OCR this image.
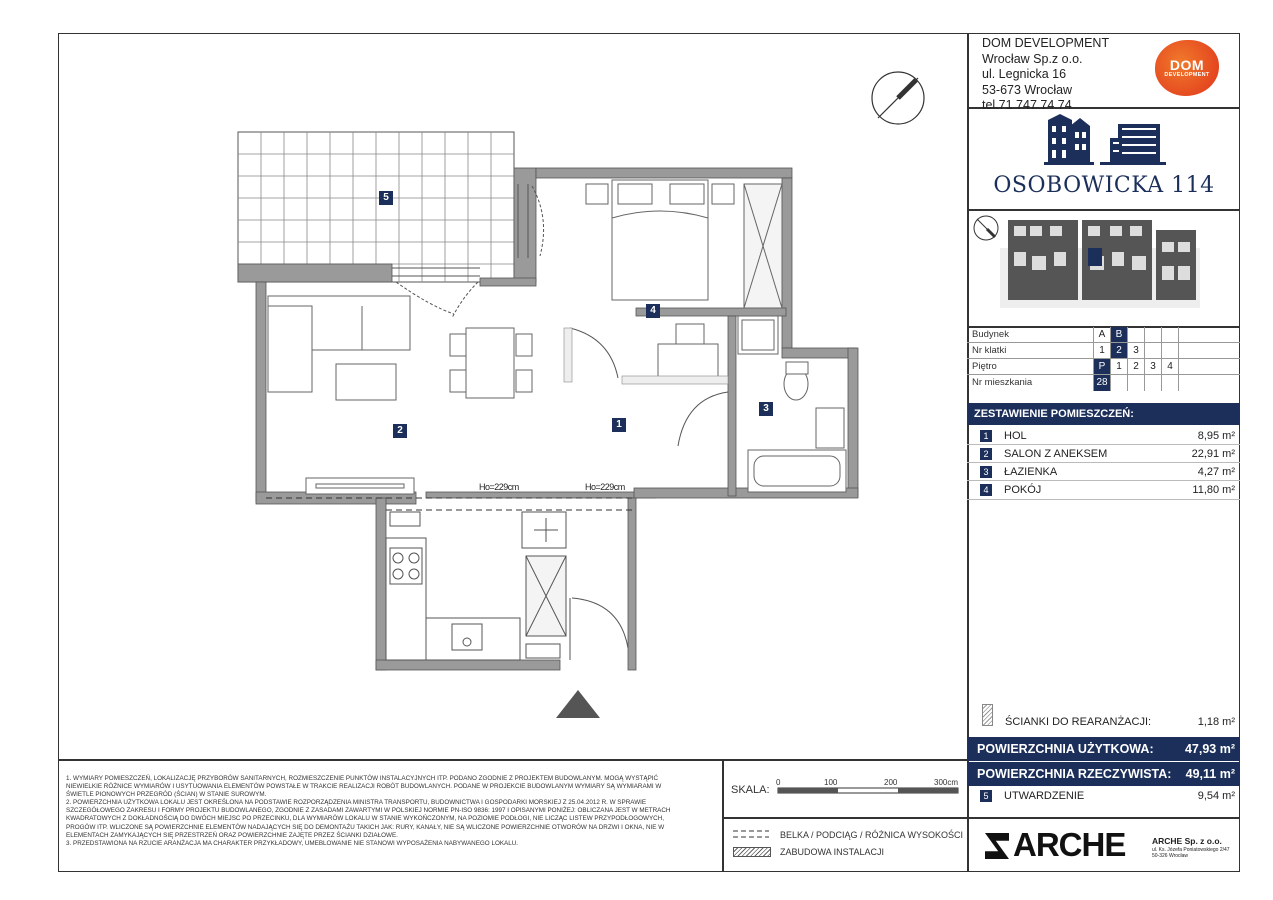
DOM DEVELOPMENT
Wrocław Sp.z o.o.
ul. Legnicka 16
53-673 Wrocław
tel.71 747 74 74
DOM
DEVELOPMENT
OSOBOWICKA 114
Budynek	A	B
Nr klatki	1	2	3
Piętro	P	1	2	3	4
Nr mieszkania	28
ZESTAWIENIE POMIESZCZEŃ:
1	HOL	8,95 m²
2	SALON Z ANEKSEM	22,91 m²
3	ŁAZIENKA	4,27 m²
4	POKÓJ	11,80 m²
ŚCIANKI DO REARANŻACJI:	1,18 m²
POWIERZCHNIA UŻYTKOWA:	47,93 m²
POWIERZCHNIA RZECZYWISTA: 49,11 m²
5	UTWARDZENIE	9,54 m²
1. WYMIARY POMIESZCZEŃ, LOKALIZACJĘ PRZYBORÓW SANITARNYCH, ROZMIESZCZENIE PUNKTÓW INSTALACYJNYCH ITP. PODANO ZGODNIE Z PROJEKTEM BUDOWLANYM. MOGĄ WYSTĄPIĆ NIEWIELKIE RÓŻNICE WYMIARÓW I USYTUOWANIA ELEMENTÓW POWSTAŁE W TRAKCIE REALIZACJI ROBÓT BUDOWLANYCH. PODANE W PROJEKCIE BUDOWLANYM WYMIARY SĄ WYMIARAMI W ŚWIETLE PIONOWYCH PRZEGRÓD (ŚCIAN) W STANIE SUROWYM.
2. POWIERZCHNIA UŻYTKOWA LOKALU JEST OKREŚLONA NA PODSTAWIE ROZPORZĄDZENIA MINISTRA TRANSPORTU, BUDOWNICTWA I GOSPODARKI MORSKIEJ Z 25.04.2012 R. W SPRAWIE SZCZEGÓŁOWEGO ZAKRESU I FORMY PROJEKTU BUDOWLANEGO, ZGODNIE Z ZASADAMI ZAWARTYMI W POLSKIEJ NORMIE PN-ISO 9836: 1997 I OPISANYMI PONIŻEJ: OBLICZANA JEST W METRACH KWADRATOWYCH Z DOKŁADNOŚCIĄ DO DWÓCH MIEJSC PO PRZECINKU, DLA WYMIARÓW LOKALU W STANIE WYKOŃCZONYM, NA POZIOMIE PODŁOGI, NIE LICZĄC LISTEW PRZYPODŁOGOWYCH, PROGÓW ITP. WLICZONE SĄ POWIERZCHNIE ELEMENTÓW NADAJĄCYCH SIĘ DO DEMONTAŻU TAKICH JAK: RURY, KANAŁY, NIE SĄ WLICZONE POWIERZCHNIE OTWORÓW NA DRZWI I OKNA, NIE W ELEMENTACH ZAMYKAJĄCYCH SIĘ PRZESTRZEŃ ORAZ POWIERZCHNIE ZAJĘTE PRZEZ ŚCIANKI DZIAŁOWE.
3. PRZEDSTAWIONA NA RZUCIE ARANŻACJA MA CHARAKTER PRZYKŁADOWY, UMEBLOWANIE NIE STANOWI WYPOSAŻENIA NABYWANEGO LOKALU.
SKALA:
0	100	200	300cm
BELKA / PODCIĄG / RÓŻNICA WYSOKOŚCI
ZABUDOWA INSTALACJI	ARCHE	ARCHE Sp. z o.o.
ul. Ks. Józefa Poniatowskiego 2/47
50-326 Wrocław
Ho=229cm	Ho=229cm
1
2
3
4
5
